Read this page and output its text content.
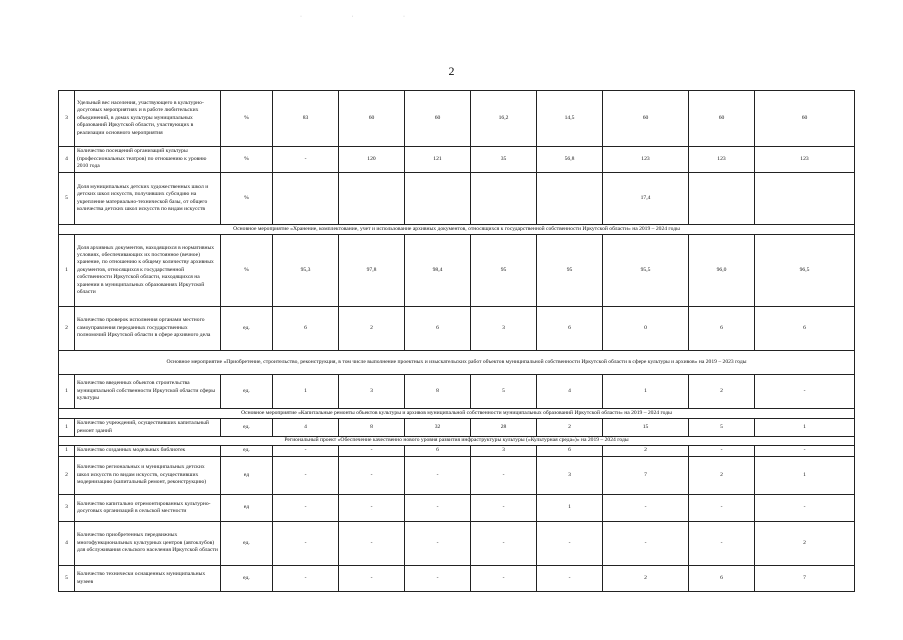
· · ·
2
3	Удельный вес населения, участвующего в культурно-досуговых мероприятиях и в работе любительских объединений, в домах культуры муниципальных образований Иркутской области, участвующих в реализации основного мероприятия	%	83	60	60	16,2	14,5	60	60	60
4	Количество посещений организаций культуры (профессиональных театров) по отношению к уровню 2010 года	%	-	120	121	35	56,8	123	123	123
5	Доля муниципальных детских художественных школ и детских школ искусств, получивших субсидию на укрепление материально-технической базы, от общего количества детских школ искусств по видам искусств	%						17,4		
Основное мероприятие «Хранение, комплектование, учет и использование архивных документов, относящихся к государственной собственности Иркутской области» на 2019 – 2024 годы										
1	Доля архивных документов, находящихся в нормативных условиях, обеспечивающих их постоянное (вечное) хранение, по отношению к общему количеству архивных документов, относящихся к государственной собственности Иркутской области, находящихся на хранении в муниципальных образованиях Иркутской области	%	95,3	97,8	98,4	95	95	95,5	96,0	96,5
2	Количество проверок исполнения органами местного самоуправления переданных государственных полномочий Иркутской области в сфере архивного дела	ед.	6	2	6	3	6	0	6	6
Основное мероприятие «Приобретение, строительство, реконструкция, в том числе выполнение проектных и изыскательских работ объектов муниципальной собственности Иркутской области в сфере культуры и архивов» на 2019 – 2023 годы										
1	Количество введенных объектов строительства муниципальной собственности Иркутской области сферы культуры	ед.	1	3	8	5	4	1	2	-
Основное мероприятие «Капитальные ремонты объектов культуры и архивов муниципальной собственности муниципальных образований Иркутской области» на 2019 – 2024 годы										
1	Количество учреждений, осуществивших капитальный ремонт зданий	ед.	4	8	32	28	2	15	5	1
Региональный проект «Обеспечение качественно нового уровня развития инфраструктуры культуры («Культурная среда»)» на 2019 – 2024 годы										
1	Количество созданных модельных библиотек	ед.	-	-	6	3	6	2	-	-
2	Количество региональных и муниципальных детских школ искусств по видам искусств, осуществивших модернизацию (капитальный ремонт, реконструкцию)	ед	-	-	-	-	3	7	2	1
3	Количество капитально отремонтированных культурно-досуговых организаций в сельской местности	ед	-	-	-	-	1	-	-	-
4	Количество приобретенных передвижных многофункциональных культурных центров (автоклубов) для обслуживания сельского населения Иркутской области	ед.	-	-	-	-	-	-	-	2
5	Количество технически оснащенных муниципальных музеев	ед.	-	-	-	-	-	2	6	7
